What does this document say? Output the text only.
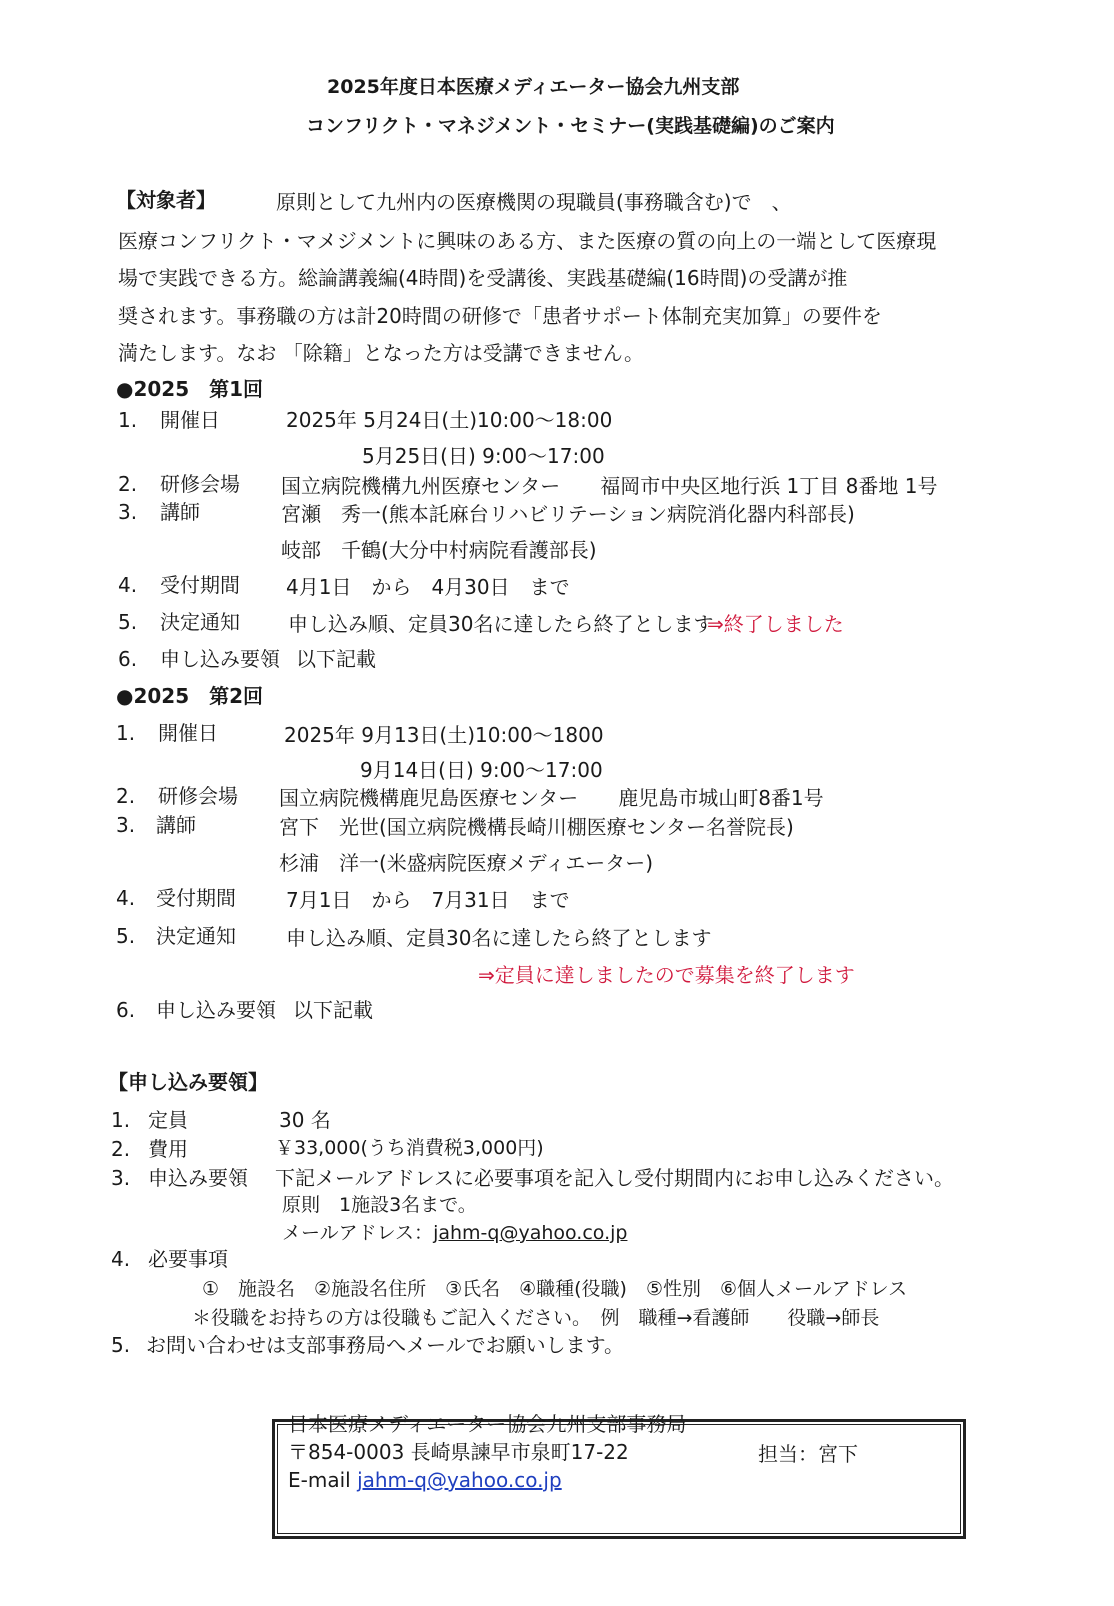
2025年度日本医療メディエーター協会九州支部
コンフリクト・マネジメント・セミナー(実践基礎編)のご案内
【対象者】	原則として九州内の医療機関の現職員(事務職含む)で　、
医療コンフリクト・マメジメントに興味のある方、また医療の質の向上の一端として医療現
場で実践できる方。総論講義編(4時間)を受講後、実践基礎編(16時間)の受講が推
奨されます。事務職の方は計20時間の研修で「患者サポート体制充実加算」の要件を
満たします。なお 「除籍」となった方は受講できません。
●2025　第1回
1. 開催日	2025年 5月24日(土)10:00～18:00
5月25日(日) 9:00～17:00
2. 研修会場 国立病院機構九州医療センター　　福岡市中央区地行浜 1丁目 8番地 1号
3. 講師	宮瀬　秀一(熊本託麻台リハビリテーション病院消化器内科部長)
岐部　千鶴(大分中村病院看護部長)
4. 受付期間 4月1日　から　4月30日　まで
5. 決定通知 申し込み順、定員30名に達したら終了とします
⇒終了しました
6. 申し込み要領 以下記載
●2025　第2回
1. 開催日	2025年 9月13日(土)10:00～1800
9月14日(日) 9:00～17:00
2. 研修会場 国立病院機構鹿児島医療センター　　鹿児島市城山町8番1号
3. 講師	宮下　光世(国立病院機構長崎川棚医療センター名誉院長)
杉浦　洋一(米盛病院医療メディエーター)
4. 受付期間	7月1日　から　7月31日　まで
5. 決定通知	申し込み順、定員30名に達したら終了とします
⇒定員に達しましたので募集を終了します
6. 申し込み要領 以下記載
【申し込み要領】
1. 定員	30 名
2. 費用	￥33,000(うち消費税3,000円)
3. 申込み要領 下記メールアドレスに必要事項を記入し受付期間内にお申し込みください。
原則　1施設3名まで。
メールアドレス：jahm-q@yahoo.co.jp
4. 必要事項
①　施設名　②施設名住所　③氏名　④職種(役職)　⑤性別　⑥個人メールアドレス
＊役職をお持ちの方は役職もご記入ください。　例　職種→看護師　　役職→師長
5. お問い合わせは支部事務局へメールでお願いします。
日本医療メディエーター協会九州支部事務局
〒854-0003 長崎県諫早市泉町17-22	担当：宮下
E-mail jahm-q@yahoo.co.jp
